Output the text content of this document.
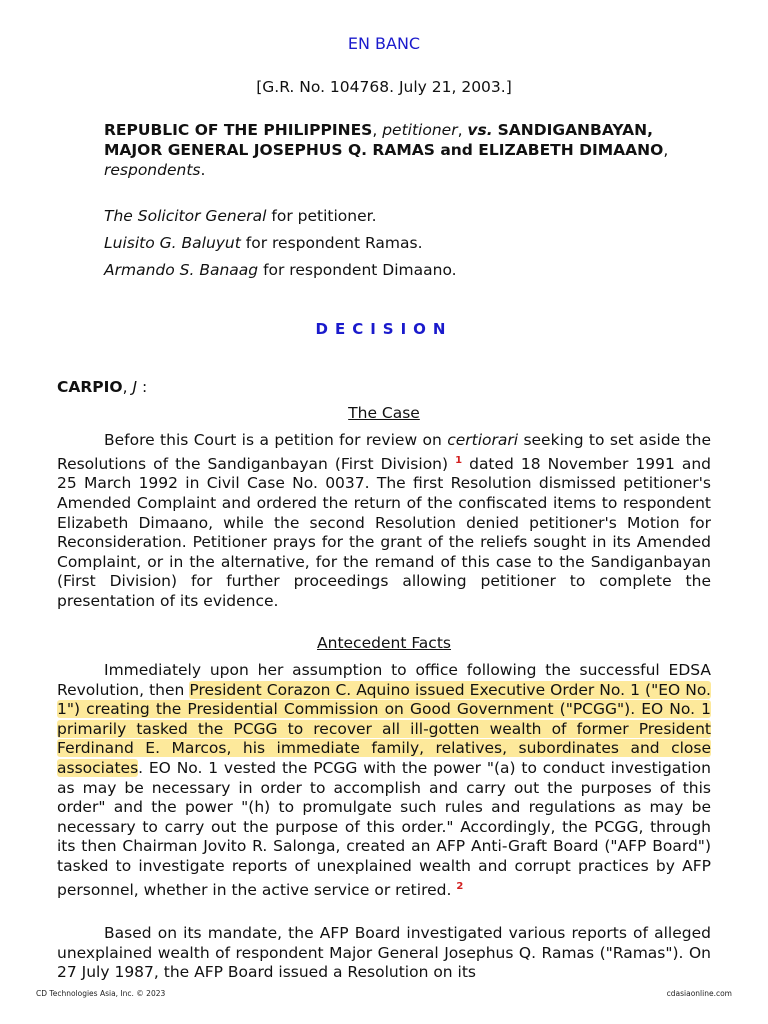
EN BANC
[G.R. No. 104768. July 21, 2003.]
REPUBLIC OF THE PHILIPPINES, petitioner, vs. SANDIGANBAYAN, MAJOR GENERAL JOSEPHUS Q. RAMAS and ELIZABETH DIMAANO, respondents.
The Solicitor General for petitioner.
Luisito G. Baluyut for respondent Ramas.
Armando S. Banaag for respondent Dimaano.
DECISION
CARPIO, J :
The Case
Before this Court is a petition for review on certiorari seeking to set aside the Resolutions of the Sandiganbayan (First Division) $^1$ dated 18 November 1991 and 25 March 1992 in Civil Case No. 0037. The first Resolution dismissed petitioner's Amended Complaint and ordered the return of the confiscated items to respondent Elizabeth Dimaano, while the second Resolution denied petitioner's Motion for Reconsideration. Petitioner prays for the grant of the reliefs sought in its Amended Complaint, or in the alternative, for the remand of this case to the Sandiganbayan (First Division) for further proceedings allowing petitioner to complete the presentation of its evidence.
Antecedent Facts
Immediately upon her assumption to office following the successful EDSA Revolution, then President Corazon C. Aquino issued Executive Order No. 1 ("EO No. 1") creating the Presidential Commission on Good Government ("PCGG"). EO No. 1 primarily tasked the PCGG to recover all ill-gotten wealth of former President Ferdinand E. Marcos, his immediate family, relatives, subordinates and close associates. EO No. 1 vested the PCGG with the power "(a) to conduct investigation as may be necessary in order to accomplish and carry out the purposes of this order" and the power "(h) to promulgate such rules and regulations as may be necessary to carry out the purpose of this order." Accordingly, the PCGG, through its then Chairman Jovito R. Salonga, created an AFP Anti-Graft Board ("AFP Board") tasked to investigate reports of unexplained wealth and corrupt practices by AFP personnel, whether in the active service or retired. $^2$
Based on its mandate, the AFP Board investigated various reports of alleged unexplained wealth of respondent Major General Josephus Q. Ramas ("Ramas"). On 27 July 1987, the AFP Board issued a Resolution on its
CD Technologies Asia, Inc. © 2023	cdasiaonline.com
